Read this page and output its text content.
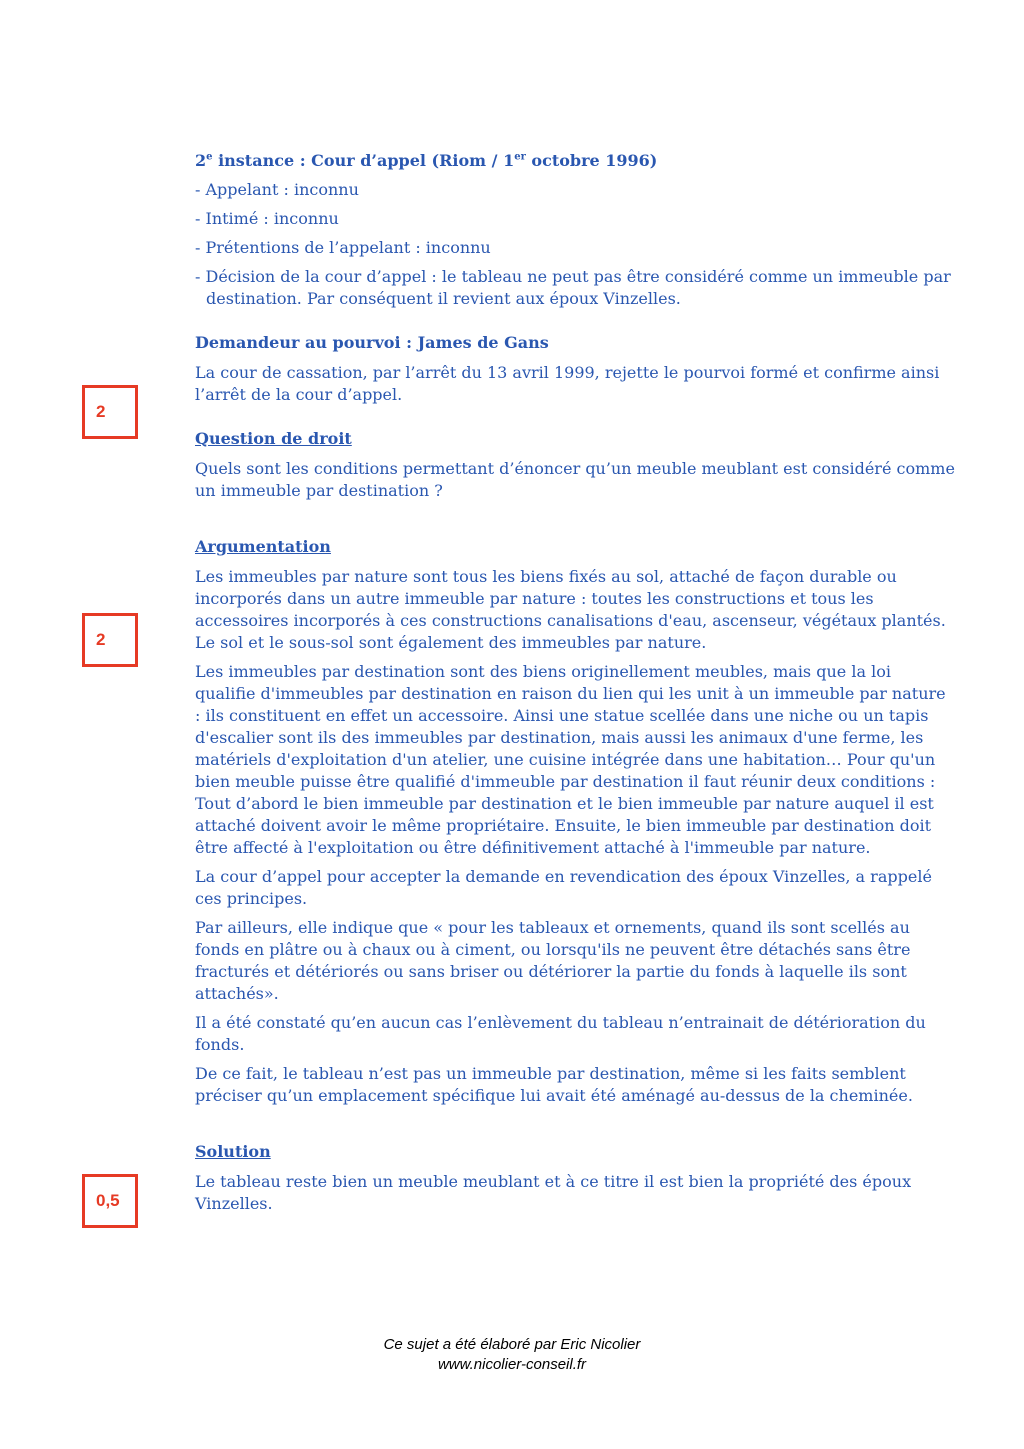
2
2
0,5

2e instance : Cour d’appel (Riom / 1er octobre 1996)

- Appelant : inconnu

- Intimé : inconnu

- Prétentions de l’appelant : inconnu

- Décision de la cour d’appel : le tableau ne peut pas être considéré comme un immeuble par destination. Par conséquent il revient aux époux Vinzelles.

Demandeur au pourvoi : James de Gans

La cour de cassation, par l’arrêt du 13 avril 1999, rejette le pourvoi formé et confirme ainsi l’arrêt de la cour d’appel.

Question de droit

Quels sont les conditions permettant d’énoncer qu’un meuble meublant est considéré comme un immeuble par destination ?

Argumentation

Les immeubles par nature sont tous les biens fixés au sol, attaché de façon durable ou incorporés dans un autre immeuble par nature : toutes les constructions et tous les accessoires incorporés à ces constructions canalisations d'eau, ascenseur, végétaux plantés. Le sol et le sous-sol sont également des immeubles par nature.

Les immeubles par destination sont des biens originellement meubles, mais que la loi qualifie d'immeubles par destination en raison du lien qui les unit à un immeuble par nature : ils constituent en effet un accessoire. Ainsi une statue scellée dans une niche ou un tapis d'escalier sont ils des immeubles par destination, mais aussi les animaux d'une ferme, les matériels d'exploitation d'un atelier, une cuisine intégrée dans une habitation… Pour qu'un bien meuble puisse être qualifié d'immeuble par destination il faut réunir deux conditions : Tout d’abord le bien immeuble par destination et le bien immeuble par nature auquel il est attaché doivent avoir le même propriétaire. Ensuite, le bien immeuble par destination doit être affecté à l'exploitation ou être définitivement attaché à l'immeuble par nature.

La cour d’appel pour accepter la demande en revendication des époux Vinzelles, a rappelé ces principes.

Par ailleurs, elle indique que « pour les tableaux et ornements, quand ils sont scellés au fonds en plâtre ou à chaux ou à ciment, ou lorsqu'ils ne peuvent être détachés sans être fracturés et détériorés ou sans briser ou détériorer la partie du fonds à laquelle ils sont attachés».

Il a été constaté qu’en aucun cas l’enlèvement du tableau n’entrainait de détérioration du fonds.

De ce fait, le tableau n’est pas un immeuble par destination, même si les faits semblent préciser qu’un emplacement spécifique lui avait été aménagé au-dessus de la cheminée.

Solution

Le tableau reste bien un meuble meublant et à ce titre il est bien la propriété des époux Vinzelles.

Ce sujet a été élaboré par Eric Nicolier

www.nicolier-conseil.fr
